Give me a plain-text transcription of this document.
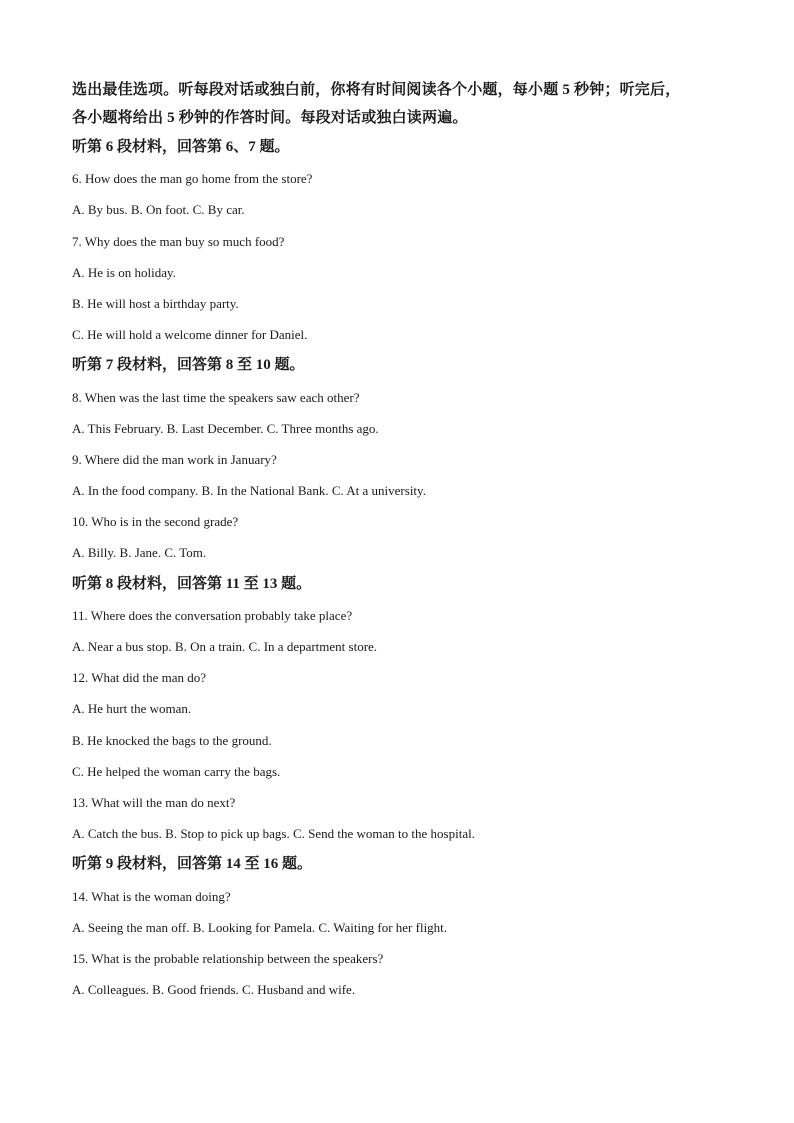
选出最佳选项。听每段对话或独白前，你将有时间阅读各个小题，每小题 5 秒钟；听完后，

各小题将给出 5 秒钟的作答时间。每段对话或独白读两遍。

听第 6 段材料，回答第 6、7 题。

6. How does the man go home from the store?

A. By bus. B. On foot. C. By car.

7. Why does the man buy so much food?

A. He is on holiday.

B. He will host a birthday party.

C. He will hold a welcome dinner for Daniel.

听第 7 段材料，回答第 8 至 10 题。

8. When was the last time the speakers saw each other?

A. This February. B. Last December. C. Three months ago.

9. Where did the man work in January?

A. In the food company. B. In the National Bank. C. At a university.

10. Who is in the second grade?

A. Billy. B. Jane. C. Tom.

听第 8 段材料，回答第 11 至 13 题。

11. Where does the conversation probably take place?

A. Near a bus stop. B. On a train. C. In a department store.

12. What did the man do?

A. He hurt the woman.

B. He knocked the bags to the ground.

C. He helped the woman carry the bags.

13. What will the man do next?

A. Catch the bus. B. Stop to pick up bags. C. Send the woman to the hospital.

听第 9 段材料，回答第 14 至 16 题。

14. What is the woman doing?

A. Seeing the man off. B. Looking for Pamela. C. Waiting for her flight.

15. What is the probable relationship between the speakers?

A. Colleagues. B. Good friends. C. Husband and wife.
